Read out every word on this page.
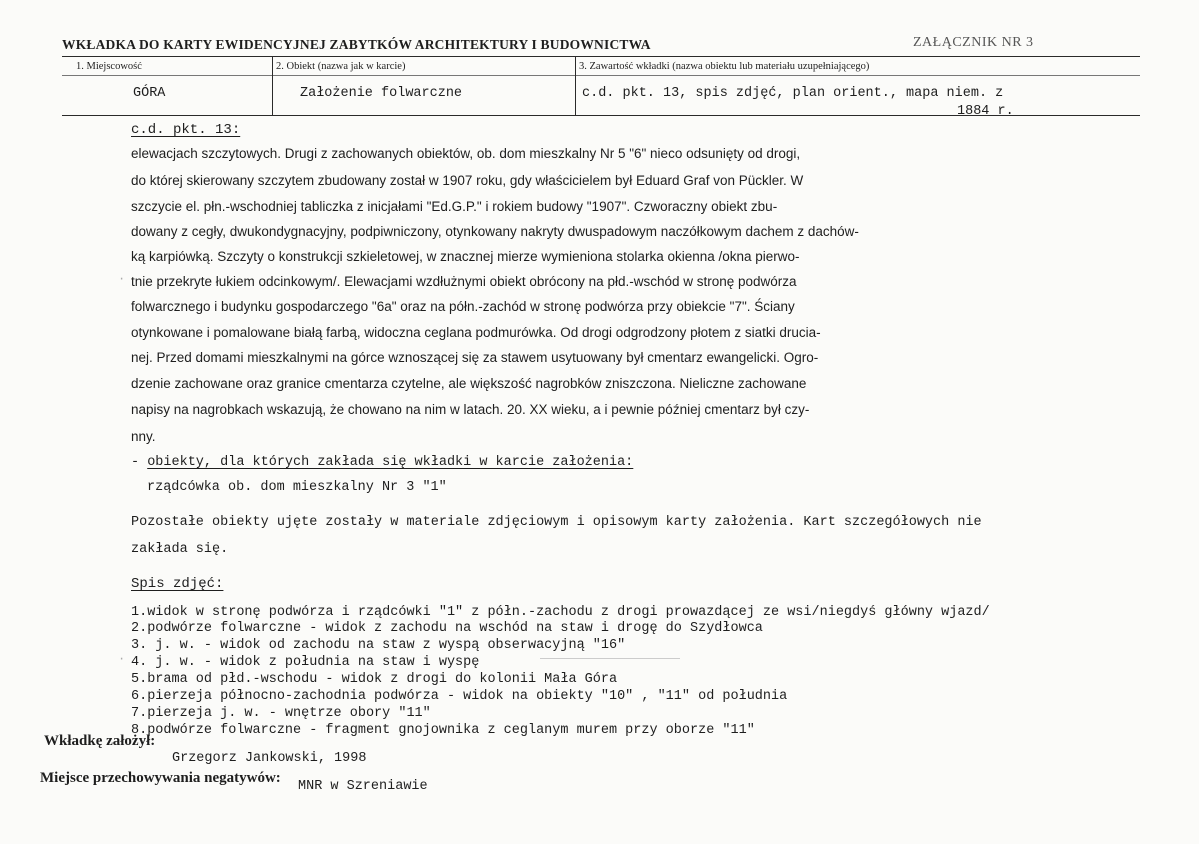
WKŁADKA DO KARTY EWIDENCYJNEJ ZABYTKÓW ARCHITEKTURY I BUDOWNICTWA	ZAŁĄCZNIK NR 3
1. Miejscowość	2. Obiekt (nazwa jak w karcie)	3. Zawartość wkładki (nazwa obiektu lub materiału uzupełniającego)
GÓRA	Założenie folwarczne	c.d. pkt. 13, spis zdjęć, plan orient., mapa niem. z
1884 r.
c.d. pkt. 13:
elewacjach szczytowych. Drugi z zachowanych obiektów, ob. dom mieszkalny Nr 5 "6" nieco odsunięty od drogi,
do której skierowany szczytem zbudowany został w 1907 roku, gdy właścicielem był Eduard Graf von Pückler. W
szczycie el. płn.-wschodniej tabliczka z inicjałami "Ed.G.P." i rokiem budowy "1907". Czworaczny obiekt zbu-
dowany z cegły, dwukondygnacyjny, podpiwniczony, otynkowany nakryty dwuspadowym naczółkowym dachem z dachów-
ką karpiówką. Szczyty o konstrukcji szkieletowej, w znacznej mierze wymieniona stolarka okienna /okna pierwo-
tnie przekryte łukiem odcinkowym/. Elewacjami wzdłużnymi obiekt obrócony na płd.-wschód w stronę podwórza
folwarcznego i budynku gospodarczego "6a" oraz na półn.-zachód w stronę podwórza przy obiekcie "7". Ściany
otynkowane i pomalowane białą farbą, widoczna ceglana podmurówka. Od drogi odgrodzony płotem z siatki drucia-
nej. Przed domami mieszkalnymi na górce wznoszącej się za stawem usytuowany był cmentarz ewangelicki. Ogro-
dzenie zachowane oraz granice cmentarza czytelne, ale większość nagrobków zniszczona. Nieliczne zachowane
napisy na nagrobkach wskazują, że chowano na nim w latach. 20. XX wieku, a i pewnie później cmentarz był czy-
nny.
- obiekty, dla których zakłada się wkładki w karcie założenia:
rządcówka ob. dom mieszkalny Nr 3 "1"
Pozostałe obiekty ujęte zostały w materiale zdjęciowym i opisowym karty założenia. Kart szczegółowych nie
zakłada się.
Spis zdjęć:
1.widok w stronę podwórza i rządcówki "1" z półn.-zachodu z drogi prowazdącej ze wsi/niegdyś główny wjazd/
2.podwórze folwarczne - widok z zachodu na wschód na staw i drogę do Szydłowca
3. j. w. - widok od zachodu na staw z wyspą obserwacyjną "16"
4. j. w. - widok z południa na staw i wyspę
5.brama od płd.-wschodu - widok z drogi do kolonii Mała Góra
6.pierzeja północno-zachodnia podwórza - widok na obiekty "10" , "11" od południa
7.pierzeja j. w. - wnętrze obory "11"
8.podwórze folwarczne - fragment gnojownika z ceglanym murem przy oborze "11"
Wkładkę założył:
Grzegorz Jankowski, 1998
Miejsce przechowywania negatywów:
MNR w Szreniawie
·
·
